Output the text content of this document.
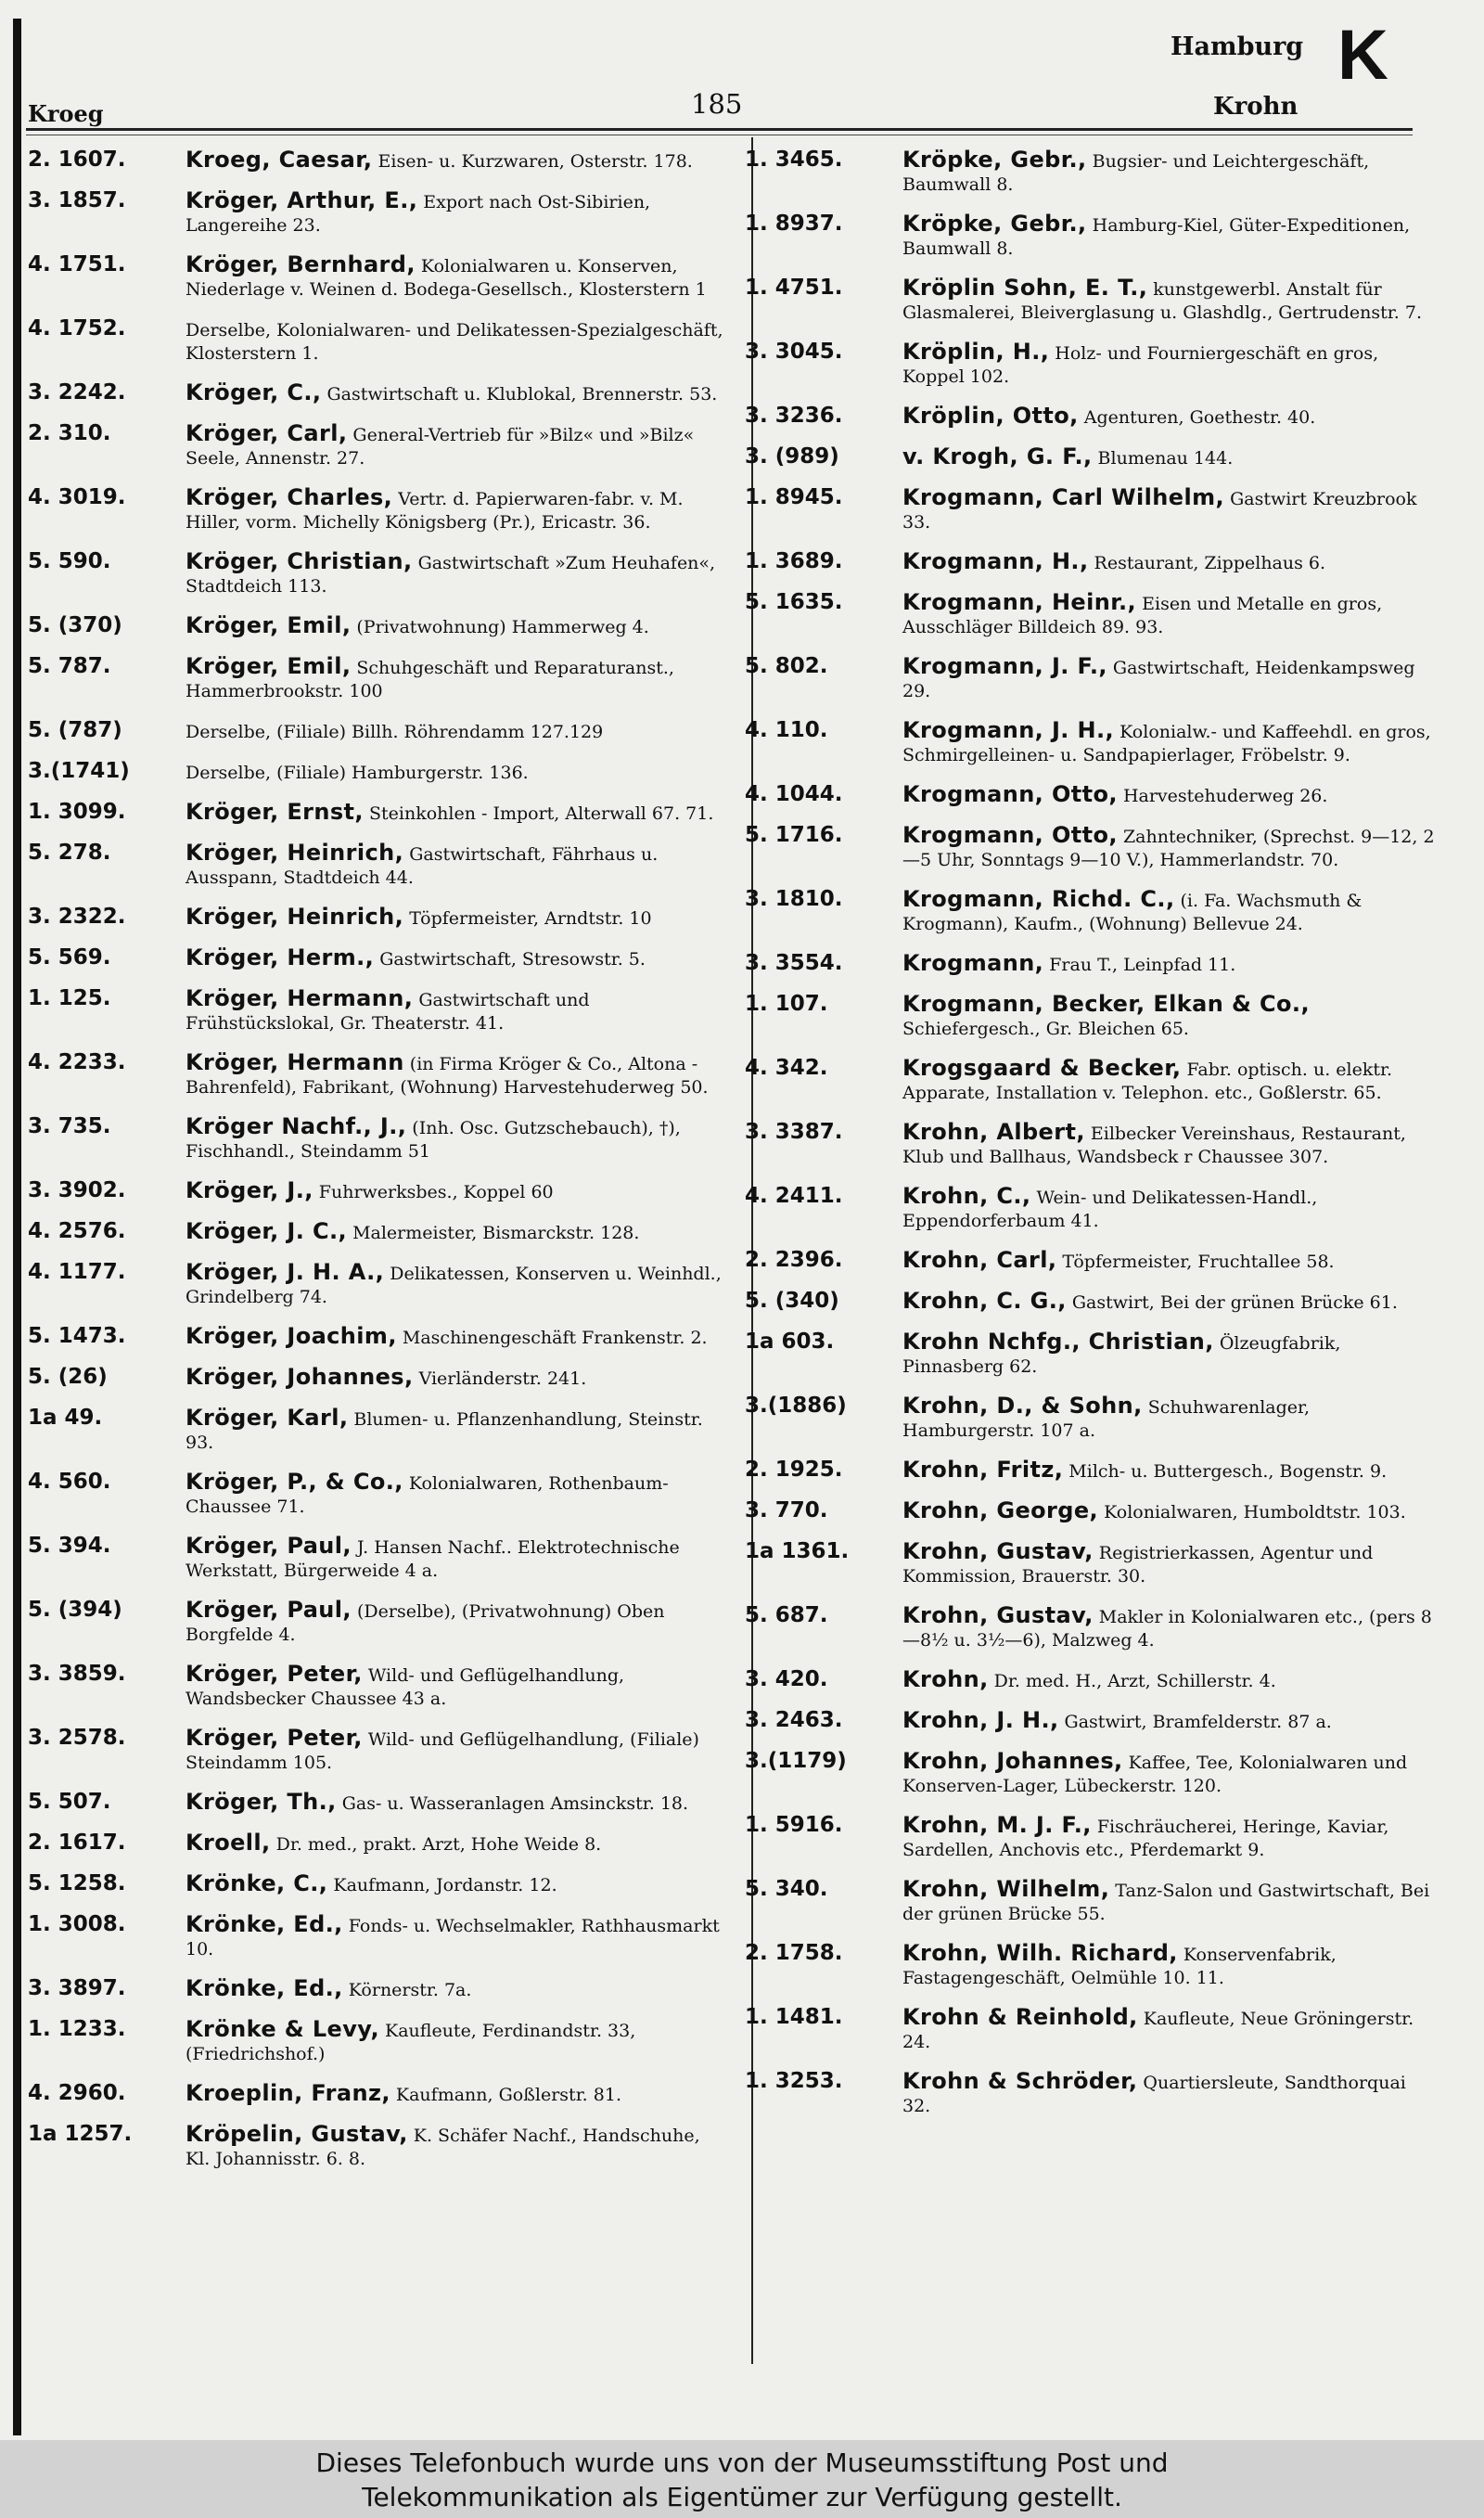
Kroeg	185
Hamburg
Krohn
K
2. 1607.	Kroeg, Caesar, Eisen- u. Kurzwaren, Osterstr. 178.
3. 1857.	Kröger, Arthur, E., Export nach Ost-Sibirien, Langereihe 23.
4. 1751.	Kröger, Bernhard, Kolonialwaren u. Konserven, Niederlage v. Weinen d. Bodega-Gesellsch., Klosterstern 1
4. 1752.	Derselbe, Kolonialwaren- und Delikatessen-Spezialgeschäft, Klosterstern 1.
3. 2242.	Kröger, C., Gastwirtschaft u. Klublokal, Brennerstr. 53.
2. 310.	Kröger, Carl, General-Vertrieb für »Bilz« und »Bilz« Seele, Annenstr. 27.
4. 3019.	Kröger, Charles, Vertr. d. Papierwaren-fabr. v. M. Hiller, vorm. Michelly Königsberg (Pr.), Ericastr. 36.
5. 590.	Kröger, Christian, Gastwirtschaft »Zum Heuhafen«, Stadtdeich 113.
5. (370)	Kröger, Emil, (Privatwohnung) Hammerweg 4.
5. 787.	Kröger, Emil, Schuhgeschäft und Reparaturanst., Hammerbrookstr. 100
5. (787)	Derselbe, (Filiale) Billh. Röhrendamm 127.129
3.(1741)	Derselbe, (Filiale) Hamburgerstr. 136.
1. 3099.	Kröger, Ernst, Steinkohlen - Import, Alterwall 67. 71.
5. 278.	Kröger, Heinrich, Gastwirtschaft, Fährhaus u. Ausspann, Stadtdeich 44.
3. 2322.	Kröger, Heinrich, Töpfermeister, Arndtstr. 10
5. 569.	Kröger, Herm., Gastwirtschaft, Stresowstr. 5.
1. 125.	Kröger, Hermann, Gastwirtschaft und Frühstückslokal, Gr. Theaterstr. 41.
4. 2233.	Kröger, Hermann (in Firma Kröger & Co., Altona - Bahrenfeld), Fabrikant, (Wohnung) Harvestehuderweg 50.
3. 735.	Kröger Nachf., J., (Inh. Osc. Gutzschebauch), †), Fischhandl., Steindamm 51
3. 3902.	Kröger, J., Fuhrwerksbes., Koppel 60
4. 2576.	Kröger, J. C., Malermeister, Bismarckstr. 128.
4. 1177.	Kröger, J. H. A., Delikatessen, Konserven u. Weinhdl., Grindelberg 74.
5. 1473.	Kröger, Joachim, Maschinengeschäft Frankenstr. 2.
5. (26)	Kröger, Johannes, Vierländerstr. 241.
1a 49.	Kröger, Karl, Blumen- u. Pflanzenhandlung, Steinstr. 93.
4. 560.	Kröger, P., & Co., Kolonialwaren, Rothenbaum-Chaussee 71.
5. 394.	Kröger, Paul, J. Hansen Nachf.. Elektrotechnische Werkstatt, Bürgerweide 4 a.
5. (394)	Kröger, Paul, (Derselbe), (Privatwohnung) Oben Borgfelde 4.
3. 3859.	Kröger, Peter, Wild- und Geflügelhandlung, Wandsbecker Chaussee 43 a.
3. 2578.	Kröger, Peter, Wild- und Geflügelhandlung, (Filiale) Steindamm 105.
5. 507.	Kröger, Th., Gas- u. Wasseranlagen Amsinckstr. 18.
2. 1617.	Kroell, Dr. med., prakt. Arzt, Hohe Weide 8.
5. 1258.	Krönke, C., Kaufmann, Jordanstr. 12.
1. 3008.	Krönke, Ed., Fonds- u. Wechselmakler, Rathhausmarkt 10.
3. 3897.	Krönke, Ed., Körnerstr. 7a.
1. 1233.	Krönke & Levy, Kaufleute, Ferdinandstr. 33, (Friedrichshof.)
4. 2960.	Kroeplin, Franz, Kaufmann, Goßlerstr. 81.
1a 1257.	Kröpelin, Gustav, K. Schäfer Nachf., Handschuhe, Kl. Johannisstr. 6. 8.
1. 3465.	Kröpke, Gebr., Bugsier- und Leichtergeschäft, Baumwall 8.
1. 8937.	Kröpke, Gebr., Hamburg-Kiel, Güter-Expeditionen, Baumwall 8.
1. 4751.	Kröplin Sohn, E. T., kunstgewerbl. Anstalt für Glasmalerei, Bleiverglasung u. Glashdlg., Gertrudenstr. 7.
3. 3045.	Kröplin, H., Holz- und Fourniergeschäft en gros, Koppel 102.
3. 3236.	Kröplin, Otto, Agenturen, Goethestr. 40.
3. (989)	v. Krogh, G. F., Blumenau 144.
1. 8945.	Krogmann, Carl Wilhelm, Gastwirt Kreuzbrook 33.
1. 3689.	Krogmann, H., Restaurant, Zippelhaus 6.
5. 1635.	Krogmann, Heinr., Eisen und Metalle en gros, Ausschläger Billdeich 89. 93.
5. 802.	Krogmann, J. F., Gastwirtschaft, Heidenkampsweg 29.
4. 110.	Krogmann, J. H., Kolonialw.- und Kaffeehdl. en gros, Schmirgelleinen- u. Sandpapierlager, Fröbelstr. 9.
4. 1044.	Krogmann, Otto, Harvestehuderweg 26.
5. 1716.	Krogmann, Otto, Zahntechniker, (Sprechst. 9—12, 2—5 Uhr, Sonntags 9—10 V.), Hammerlandstr. 70.
3. 1810.	Krogmann, Richd. C., (i. Fa. Wachsmuth & Krogmann), Kaufm., (Wohnung) Bellevue 24.
3. 3554.	Krogmann, Frau T., Leinpfad 11.
1. 107.	Krogmann, Becker, Elkan & Co., Schiefergesch., Gr. Bleichen 65.
4. 342.	Krogsgaard & Becker, Fabr. optisch. u. elektr. Apparate, Installation v. Telephon. etc., Goßlerstr. 65.
3. 3387.	Krohn, Albert, Eilbecker Vereinshaus, Restaurant, Klub und Ballhaus, Wandsbeck r Chaussee 307.
4. 2411.	Krohn, C., Wein- und Delikatessen-Handl., Eppendorferbaum 41.
2. 2396.	Krohn, Carl, Töpfermeister, Fruchtallee 58.
5. (340)	Krohn, C. G., Gastwirt, Bei der grünen Brücke 61.
1a 603.	Krohn Nchfg., Christian, Ölzeugfabrik, Pinnasberg 62.
3.(1886)	Krohn, D., & Sohn, Schuhwarenlager, Hamburgerstr. 107 a.
2. 1925.	Krohn, Fritz, Milch- u. Buttergesch., Bogenstr. 9.
3. 770.	Krohn, George, Kolonialwaren, Humboldtstr. 103.
1a 1361.	Krohn, Gustav, Registrierkassen, Agentur und Kommission, Brauerstr. 30.
5. 687.	Krohn, Gustav, Makler in Kolonialwaren etc., (pers 8—8½ u. 3½—6), Malzweg 4.
3. 420.	Krohn, Dr. med. H., Arzt, Schillerstr. 4.
3. 2463.	Krohn, J. H., Gastwirt, Bramfelderstr. 87 a.
3.(1179)	Krohn, Johannes, Kaffee, Tee, Kolonialwaren und Konserven-Lager, Lübeckerstr. 120.
1. 5916.	Krohn, M. J. F., Fischräucherei, Heringe, Kaviar, Sardellen, Anchovis etc., Pferdemarkt 9.
5. 340.	Krohn, Wilhelm, Tanz-Salon und Gastwirtschaft, Bei der grünen Brücke 55.
2. 1758.	Krohn, Wilh. Richard, Konservenfabrik, Fastagengeschäft, Oelmühle 10. 11.
1. 1481.	Krohn & Reinhold, Kaufleute, Neue Gröningerstr. 24.
1. 3253.	Krohn & Schröder, Quartiersleute, Sandthorquai 32.
Dieses Telefonbuch wurde uns von der Museumsstiftung Post und
Telekommunikation als Eigentümer zur Verfügung gestellt.
